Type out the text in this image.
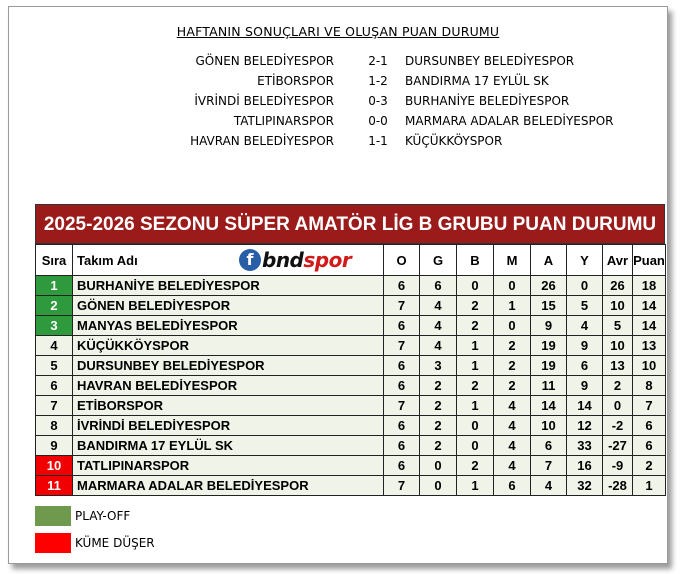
HAFTANIN SONUÇLARI VE OLUŞAN PUAN DURUMU
GÖNEN BELEDİYESPOR	2-1	DURSUNBEY BELEDİYESPOR
ETİBORSPOR	1-2	BANDIRMA 17 EYLÜL SK
İVRİNDİ BELEDİYESPOR	0-3	BURHANİYE BELEDİYESPOR
TATLIPINARSPOR	0-0	MARMARA ADALAR BELEDİYESPOR
HAVRAN BELEDİYESPOR	1-1	KÜÇÜKKÖYSPOR
2025-2026 SEZONU SÜPER AMATÖR LİG B GRUBU PUAN DURUMU
Sıra	Takım Adı f bndspor	O	G	B	M	A	Y	Avr	Puan
1	BURHANİYE BELEDİYESPOR	6	6	0	0	26	0	26	18
2	GÖNEN BELEDİYESPOR	7	4	2	1	15	5	10	14
3	MANYAS BELEDİYESPOR	6	4	2	0	9	4	5	14
4	KÜÇÜKKÖYSPOR	7	4	1	2	19	9	10	13
5	DURSUNBEY BELEDİYESPOR	6	3	1	2	19	6	13	10
6	HAVRAN BELEDİYESPOR	6	2	2	2	11	9	2	8
7	ETİBORSPOR	7	2	1	4	14	14	0	7
8	İVRİNDİ BELEDİYESPOR	6	2	0	4	10	12	-2	6
9	BANDIRMA 17 EYLÜL SK	6	2	0	4	6	33	-27	6
10	TATLIPINARSPOR	6	0	2	4	7	16	-9	2
11	MARMARA ADALAR BELEDİYESPOR	7	0	1	6	4	32	-28	1
PLAY-OFF
KÜME DÜŞER
